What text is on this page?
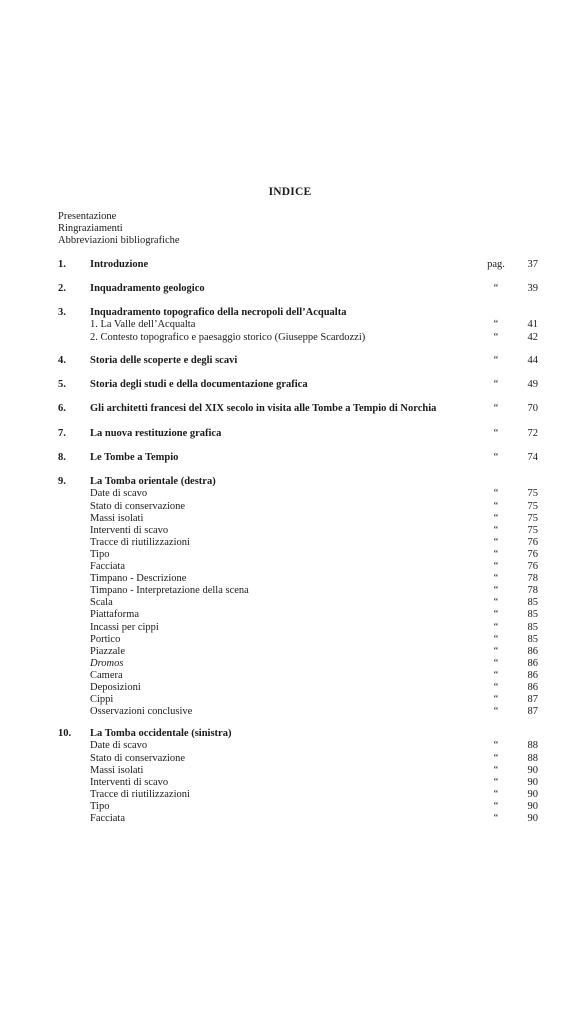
INDICE
Presentazione
Ringraziamenti
Abbreviazioni bibliografiche
1. Introduzione	pag.	37
2. Inquadramento geologico	“	39
3. Inquadramento topografico della necropoli dell’Acqualta
1. La Valle dell’Acqualta	“	41
2. Contesto topografico e paesaggio storico (Giuseppe Scardozzi)	“	42
4. Storia delle scoperte e degli scavi	“	44
5. Storia degli studi e della documentazione grafica	“	49
6. Gli architetti francesi del XIX secolo in visita alle Tombe a Tempio di Norchia	“	70
7. La nuova restituzione grafica	“	72
8. Le Tombe a Tempio	“	74
9. La Tomba orientale (destra)
Date di scavo	“	75
Stato di conservazione	“	75
Massi isolati	“	75
Interventi di scavo	“	75
Tracce di riutilizzazioni	“	76
Tipo	“	76
Facciata	“	76
Timpano - Descrizione	“	78
Timpano - Interpretazione della scena	“	78
Scala	“	85
Piattaforma	“	85
Incassi per cippi	“	85
Portico	“	85
Piazzale	“	86
Dromos	“	86
Camera	“	86
Deposizioni	“	86
Cippi	“	87
Osservazioni conclusive	“	87
10. La Tomba occidentale (sinistra)
Date di scavo	“	88
Stato di conservazione	“	88
Massi isolati	“	90
Interventi di scavo	“	90
Tracce di riutilizzazioni	“	90
Tipo	“	90
Facciata	“	90
